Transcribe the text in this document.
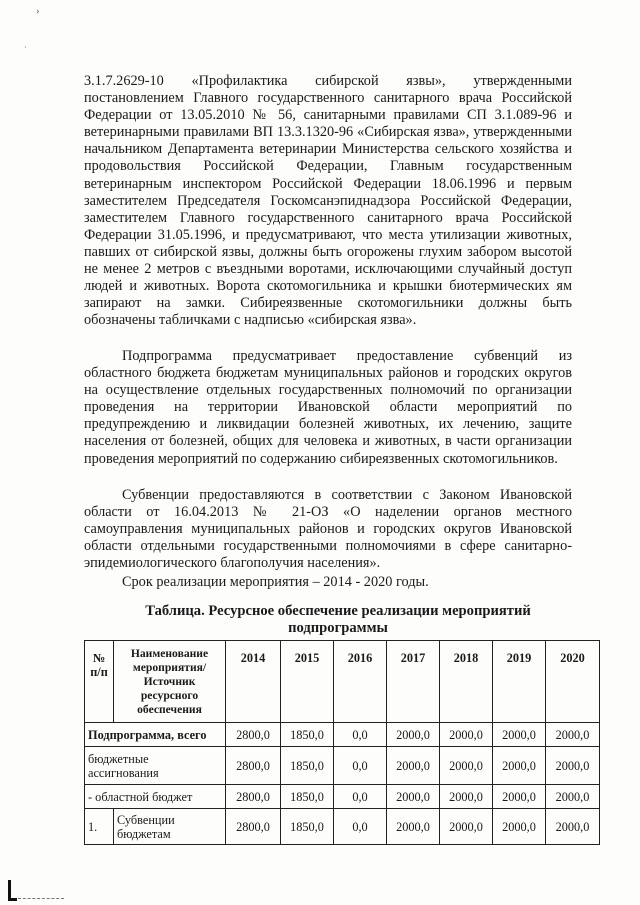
›
·

3.1.7.2629-10 «Профилактика сибирской язвы», утвержденными постановлением Главного государственного санитарного врача Российской Федерации от 13.05.2010 № 56, санитарными правилами СП 3.1.089-96 и ветеринарными правилами ВП 13.3.1320-96 «Сибирская язва», утвержденными начальником Департамента ветеринарии Министерства сельского хозяйства и продовольствия Российской Федерации, Главным государственным ветеринарным инспектором Российской Федерации 18.06.1996 и первым заместителем Председателя Госкомсанэпиднадзора Российской Федерации, заместителем Главного государственного санитарного врача Российской Федерации 31.05.1996, и предусматривают, что места утилизации животных, павших от сибирской язвы, должны быть огорожены глухим забором высотой не менее 2 метров с въездными воротами, исключающими случайный доступ людей и животных. Ворота скотомогильника и крышки биотермических ям запирают на замки. Сибиреязвенные скотомогильники должны быть обозначены табличками с надписью «сибирская язва».

Подпрограмма предусматривает предоставление субвенций из областного бюджета бюджетам муниципальных районов и городских округов на осуществление отдельных государственных полномочий по организации проведения на территории Ивановской области мероприятий по предупреждению и ликвидации болезней животных, их лечению, защите населения от болезней, общих для человека и животных, в части организации проведения мероприятий по содержанию сибиреязвенных скотомогильников.

Субвенции предоставляются в соответствии с Законом Ивановской области от 16.04.2013 № 21-ОЗ «О наделении органов местного самоуправления муниципальных районов и городских округов Ивановской области отдельными государственными полномочиями в сфере санитарно-эпидемиологического благополучия населения».

Срок реализации мероприятия – 2014 - 2020 годы.

Таблица. Ресурсное обеспечение реализации мероприятий подпрограммы

№ п/п	Наименование мероприятия/ Источник ресурсного обеспечения	2014	2015	2016	2017	2018	2019	2020
Подпрограмма, всего		2800,0	1850,0	0,0	2000,0	2000,0	2000,0	2000,0
бюджетные ассигнования		2800,0	1850,0	0,0	2000,0	2000,0	2000,0	2000,0
- областной бюджет		2800,0	1850,0	0,0	2000,0	2000,0	2000,0	2000,0
1.	Субвенции бюджетам	2800,0	1850,0	0,0	2000,0	2000,0	2000,0	2000,0
